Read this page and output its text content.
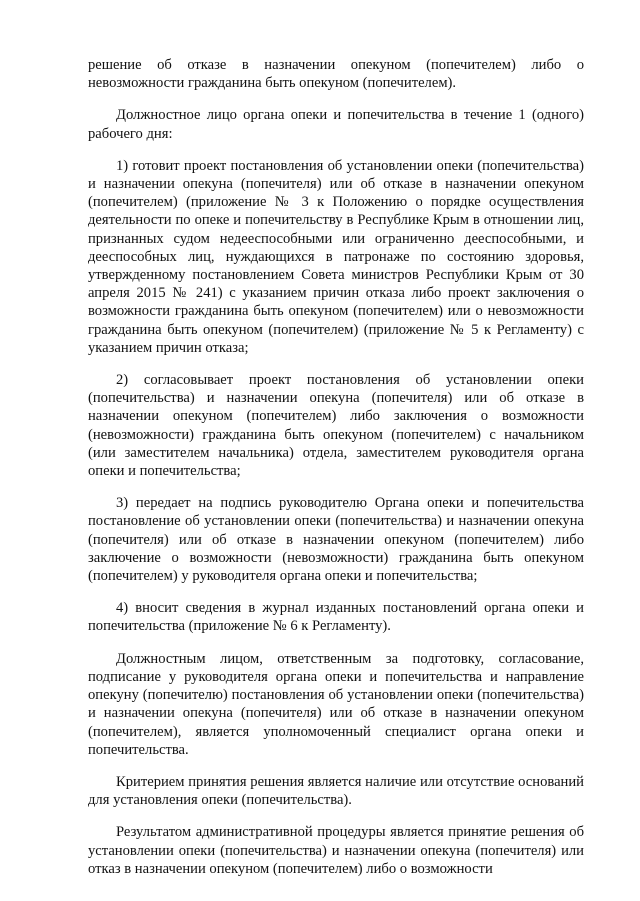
решение об отказе в назначении опекуном (попечителем) либо о невозможности гражданина быть опекуном (попечителем).

Должностное лицо органа опеки и попечительства в течение 1 (одного) рабочего дня:

1) готовит проект постановления об установлении опеки (попечительства) и назначении опекуна (попечителя) или об отказе в назначении опекуном (попечителем) (приложение № 3 к Положению о порядке осуществления деятельности по опеке и попечительству в Республике Крым в отношении лиц, признанных судом недееспособными или ограниченно дееспособными, и дееспособных лиц, нуждающихся в патронаже по состоянию здоровья, утвержденному постановлением Совета министров Республики Крым от 30 апреля 2015 № 241) с указанием причин отказа либо проект заключения о возможности гражданина быть опекуном (попечителем) или о невозможности гражданина быть опекуном (попечителем) (приложение № 5 к Регламенту) с указанием причин отказа;

2) согласовывает проект постановления об установлении опеки (попечительства) и назначении опекуна (попечителя) или об отказе в назначении опекуном (попечителем) либо заключения о возможности (невозможности) гражданина быть опекуном (попечителем) с начальником (или заместителем начальника) отдела, заместителем руководителя органа опеки и попечительства;

3) передает на подпись руководителю Органа опеки и попечительства постановление об установлении опеки (попечительства) и назначении опекуна (попечителя) или об отказе в назначении опекуном (попечителем) либо заключение о возможности (невозможности) гражданина быть опекуном (попечителем) у руководителя органа опеки и попечительства;

4) вносит сведения в журнал изданных постановлений органа опеки и попечительства (приложение № 6 к Регламенту).

Должностным лицом, ответственным за подготовку, согласование, подписание у руководителя органа опеки и попечительства и направление опекуну (попечителю) постановления об установлении опеки (попечительства) и назначении опекуна (попечителя) или об отказе в назначении опекуном (попечителем), является уполномоченный специалист органа опеки и попечительства.

Критерием принятия решения является наличие или отсутствие оснований для установления опеки (попечительства).

Результатом административной процедуры является принятие решения об установлении опеки (попечительства) и назначении опекуна (попечителя) или отказ в назначении опекуном (попечителем) либо о возможности
